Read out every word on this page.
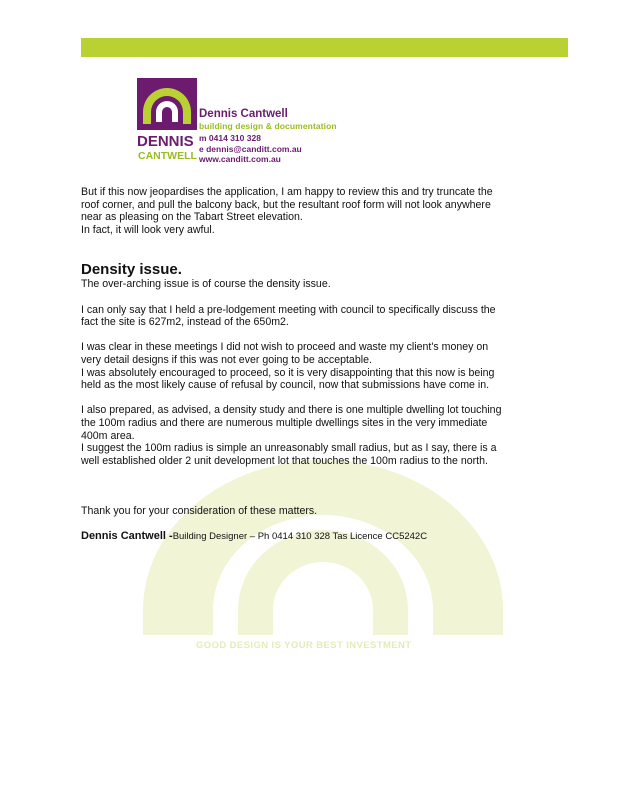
DENNIS
CANTWELL
Dennis Cantwell
building design & documentation
m 0414 310 328
e dennis@canditt.com.au
www.canditt.com.au
GOOD DESIGN IS YOUR BEST INVESTMENT

But if this now jeopardises the application, I am happy to review this and try truncate the
roof corner, and pull the balcony back, but the resultant roof form will not look anywhere
near as pleasing on the Tabart Street elevation.
In fact, it will look very awful.

Density issue.

The over-arching issue is of course the density issue.

I can only say that I held a pre-lodgement meeting with council to specifically discuss the
fact the site is 627m2, instead of the 650m2.

I was clear in these meetings I did not wish to proceed and waste my client's money on
very detail designs if this was not ever going to be acceptable.
I was absolutely encouraged to proceed, so it is very disappointing that this now is being
held as the most likely cause of refusal by council, now that submissions have come in.

I also prepared, as advised, a density study and there is one multiple dwelling lot touching
the 100m radius and there are numerous multiple dwellings sites in the very immediate
400m area.
I suggest the 100m radius is simple an unreasonably small radius, but as I say, there is a
well established older 2 unit development lot that touches the 100m radius to the north.

Thank you for your consideration of these matters.

Dennis Cantwell -Building Designer – Ph 0414 310 328 Tas Licence CC5242C
